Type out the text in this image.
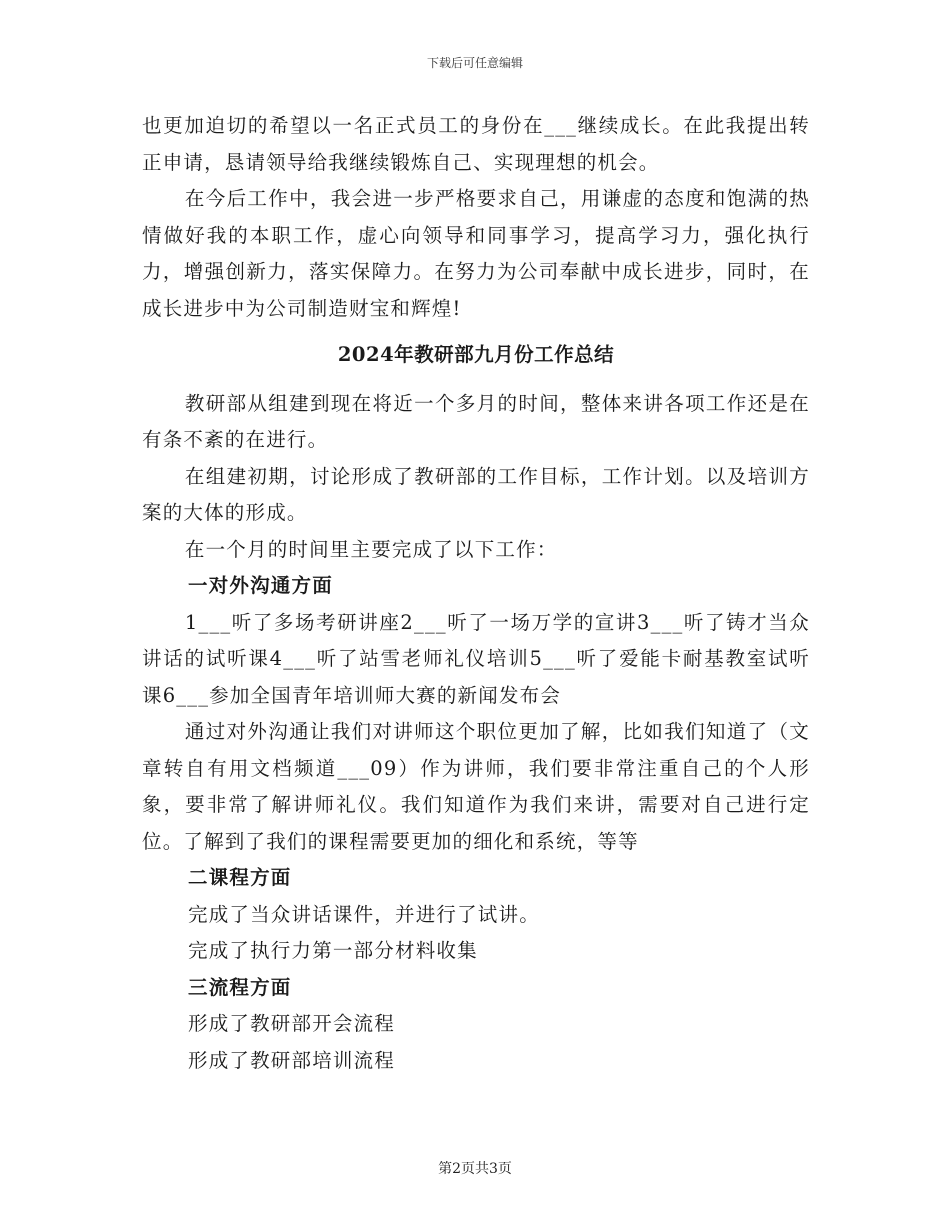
下载后可任意编辑

也更加迫切的希望以一名正式员工的身份在___继续成长。在此我提出转正申请，恳请领导给我继续锻炼自己、实现理想的机会。

在今后工作中，我会进一步严格要求自己，用谦虚的态度和饱满的热情做好我的本职工作，虚心向领导和同事学习，提高学习力，强化执行力，增强创新力，落实保障力。在努力为公司奉献中成长进步，同时，在成长进步中为公司制造财宝和辉煌!

2024年教研部九月份工作总结

教研部从组建到现在将近一个多月的时间，整体来讲各项工作还是在有条不紊的在进行。

在组建初期，讨论形成了教研部的工作目标，工作计划。以及培训方案的大体的形成。

在一个月的时间里主要完成了以下工作：

一对外沟通方面

1___听了多场考研讲座2___听了一场万学的宣讲3___听了铸才当众讲话的试听课4___听了站雪老师礼仪培训5___听了爱能卡耐基教室试听课6___参加全国青年培训师大赛的新闻发布会

通过对外沟通让我们对讲师这个职位更加了解，比如我们知道了（文章转自有用文档频道___09）作为讲师，我们要非常注重自己的个人形象，要非常了解讲师礼仪。我们知道作为我们来讲，需要对自己进行定位。了解到了我们的课程需要更加的细化和系统，等等

二课程方面
完成了当众讲话课件，并进行了试讲。
完成了执行力第一部分材料收集
三流程方面
形成了教研部开会流程
形成了教研部培训流程
第2页共3页
